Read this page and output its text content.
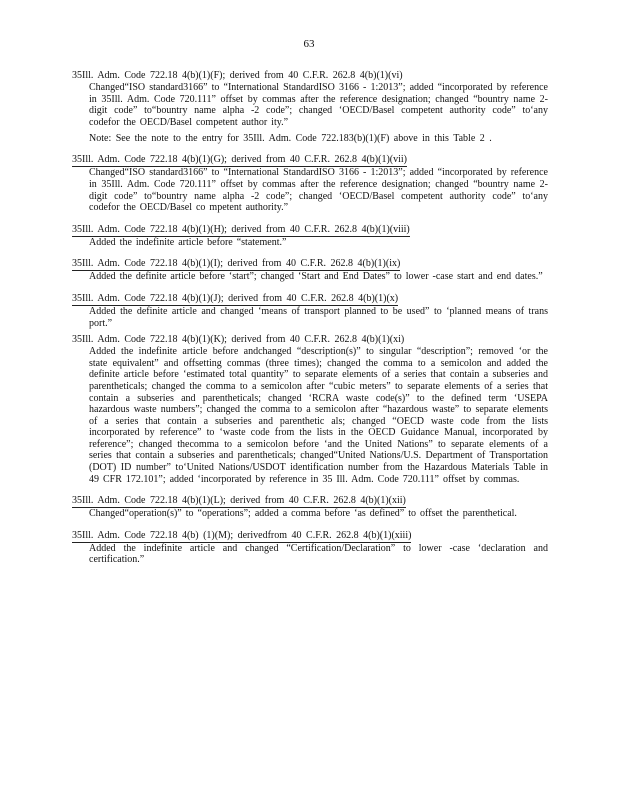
63
35Ill. Adm. Code 722.18 4(b)(1)(F); derived from 40 C.F.R. 262.8 4(b)(1)(vi)
Changed“ISO standard3166” to “International StandardISO 3166 - 1:2013”; added “incorporated by reference in 35Ill. Adm. Code 720.111” offset by commas after the reference designation; changed “bountry name 2-digit code” to“bountry name alpha -2 code”; changed ‘OECD/Basel competent authority code” to‘any codefor the OECD/Basel competent author ity.”
Note: See the note to the entry for 35Ill. Adm. Code 722.183(b)(1)(F) above in this Table 2 .
35Ill. Adm. Code 722.18 4(b)(1)(G); derived from 40 C.F.R. 262.8 4(b)(1)(vii)
Changed“ISO standard3166” to “International StandardISO 3166 - 1:2013”; added “incorporated by reference in 35Ill. Adm. Code 720.111” offset by commas after the reference designation; changed “bountry name 2-digit code” to“bountry name alpha -2 code”; changed ‘OECD/Basel competent authority code” to‘any codefor the OECD/Basel co mpetent authority.”
35Ill. Adm. Code 722.18 4(b)(1)(H); derived from 40 C.F.R. 262.8 4(b)(1)(viii)
Added the indefinite article before “statement.”
35Ill. Adm. Code 722.18 4(b)(1)(I); derived from 40 C.F.R. 262.8 4(b)(1)(ix)
Added the definite article before ‘start”; changed ‘Start and End Dates” to lower -case start and end dates.”
35Ill. Adm. Code 722.18 4(b)(1)(J); derived from 40 C.F.R. 262.8 4(b)(1)(x)
Added the definite article and changed ‘means of transport planned to be used” to ‘planned means of trans port.”
35Ill. Adm. Code 722.18 4(b)(1)(K); derived from 40 C.F.R. 262.8 4(b)(1)(xi)
Added the indefinite article before andchanged “description(s)” to singular “description”; removed ‘or the state equivalent” and offsetting commas (three times); changed the comma to a semicolon and added the definite article before ‘estimated total quantity” to separate elements of a series that contain a subseries and parentheticals; changed the comma to a semicolon after “cubic meters” to separate elements of a series that contain a subseries and parentheticals; changed ‘RCRA waste code(s)” to the defined term ‘USEPA hazardous waste numbers”; changed the comma to a semicolon after “hazardous waste” to separate elements of a series that contain a subseries and parenthetic als; changed “OECD waste code from the lists incorporated by reference” to ‘waste code from the lists in the OECD Guidance Manual, incorporated by reference”; changed thecomma to a semicolon before ‘and the United Nations” to separate elements of a series that contain a subseries and parentheticals; changed“United Nations/U.S. Department of Transportation (DOT) ID number” to‘United Nations/USDOT identification number from the Hazardous Materials Table in 49 CFR 172.101”; added ‘incorporated by reference in 35 Ill. Adm. Code 720.111” offset by commas.
35Ill. Adm. Code 722.18 4(b)(1)(L); derived from 40 C.F.R. 262.8 4(b)(1)(xii)
Changed“operation(s)” to “operations”; added a comma before ‘as defined” to offset the parenthetical.
35Ill. Adm. Code 722.18 4(b) (1)(M); derivedfrom 40 C.F.R. 262.8 4(b)(1)(xiii)
Added the indefinite article and changed “Certification/Declaration” to lower -case ‘declaration and certification.”
